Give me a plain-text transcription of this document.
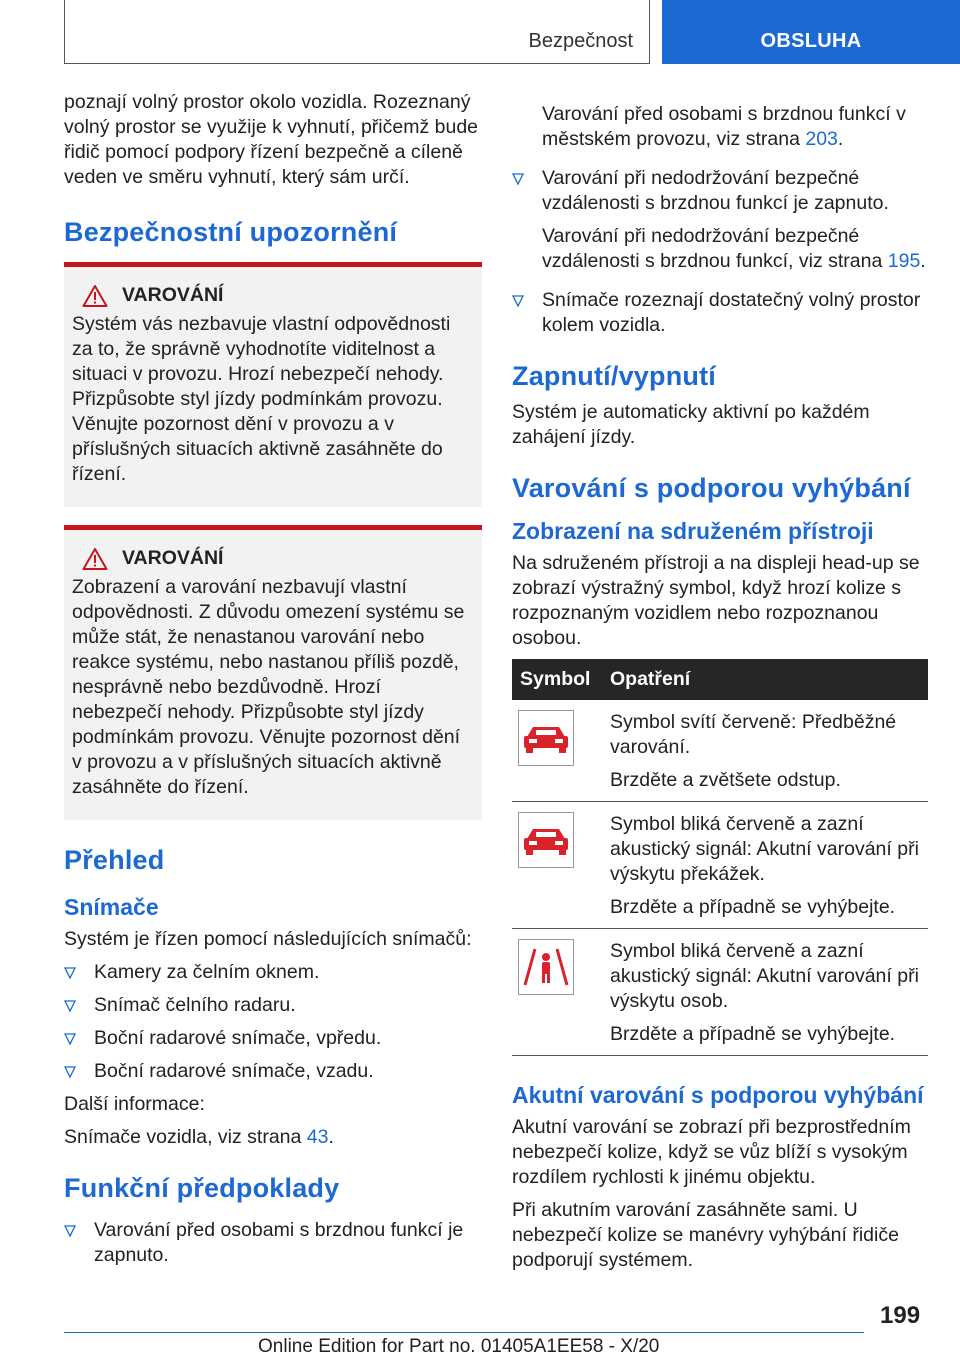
Bezpečnost	OBSLUHA

poznají volný prostor okolo vozidla. Rozeznaný volný prostor se využije k vyhnutí, přičemž bude řidič pomocí podpory řízení bezpečně a cíleně veden ve směru vyhnutí, který sám určí.

Bezpečnostní upozornění
VAROVÁNÍ

Systém vás nezbavuje vlastní odpovědnosti za to, že správně vyhodnotíte viditelnost a situaci v provozu. Hrozí nebezpečí nehody. Přizpůsobte styl jízdy podmínkám provozu. Věnujte pozornost dění v provozu a v příslušných situacích aktivně zasáhněte do řízení.

VAROVÁNÍ

Zobrazení a varování nezbavují vlastní odpovědnosti. Z důvodu omezení systému se může stát, že nenastanou varování nebo reakce systému, nebo nastanou příliš pozdě, nesprávně nebo bezdůvodně. Hrozí nebezpečí nehody. Přizpůsobte styl jízdy podmínkám provozu. Věnujte pozornost dění v provozu a v příslušných situacích aktivně zasáhněte do řízení.

Přehled
Snímače

Systém je řízen pomocí následujících snímačů:

Kamery za čelním oknem.
Snímač čelního radaru.
Boční radarové snímače, vpředu.
Boční radarové snímače, vzadu.

Další informace:

Snímače vozidla, viz strana 43.

Funkční předpoklady
Varování před osobami s brzdnou funkcí je zapnuto.

Varování před osobami s brzdnou funkcí v městském provozu, viz strana 203.

Varování při nedodržování bezpečné vzdálenosti s brzdnou funkcí je zapnuto.

Varování při nedodržování bezpečné vzdálenosti s brzdnou funkcí, viz strana 195.

Snímače rozeznají dostatečný volný prostor kolem vozidla.
Zapnutí/vypnutí

Systém je automaticky aktivní po každém zahájení jízdy.

Varování s podporou vyhýbání
Zobrazení na sdruženém přístroji

Na sdruženém přístroji a na displeji head-up se zobrazí výstražný symbol, když hrozí kolize s rozpoznaným vozidlem nebo rozpoznanou osobou.

Symbol	Opatření

Symbol svítí červeně: Předběžné varování.

Brzděte a zvětšete odstup.

Symbol bliká červeně a zazní akustický signál: Akutní varování při výskytu překážek.

Brzděte a případně se vyhýbejte.

Symbol bliká červeně a zazní akustický signál: Akutní varování při výskytu osob.

Brzděte a případně se vyhýbejte.

Akutní varování s podporou vyhýbání

Akutní varování se zobrazí při bezprostředním nebezpečí kolize, když se vůz blíží s vysokým rozdílem rychlosti k jinému objektu.

Při akutním varování zasáhněte sami. U nebezpečí kolize se manévry vyhýbání řidiče podporují systémem.

199
Online Edition for Part no. 01405A1EE58 - X/20
